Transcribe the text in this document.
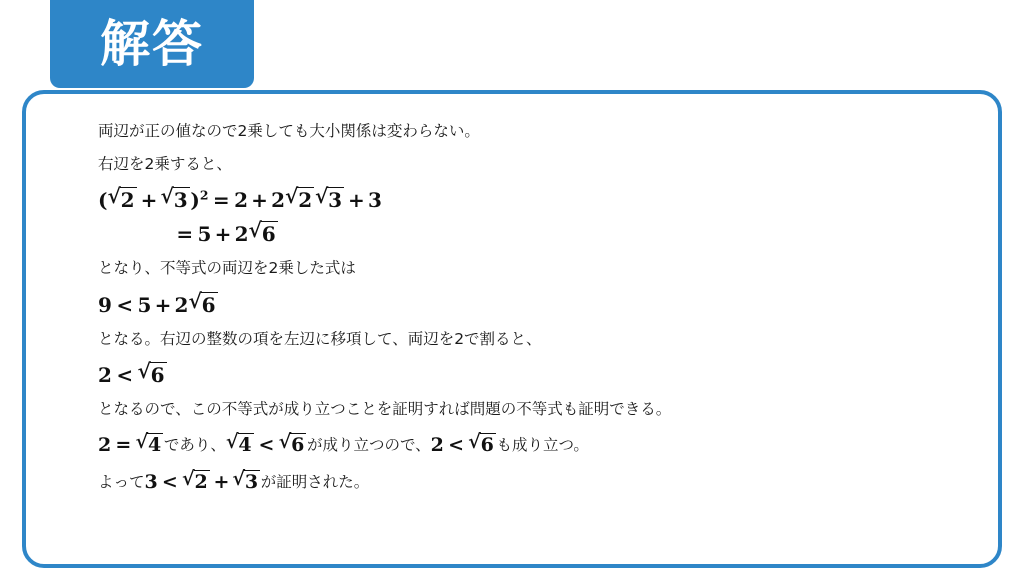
解答

両辺が正の値なので2乗しても大小関係は変わらない。

右辺を2乗すると、

( √ 2 + √ 3 )$^2$ = 2 + 2 √ 2 √ 3 + 3
= 5 + 2 √ 6

となり、不等式の両辺を2乗した式は

9 < 5 + 2 √ 6

となる。右辺の整数の項を左辺に移項して、両辺を2で割ると、

2 < √ 6

となるので、この不等式が成り立つことを証明すれば問題の不等式も証明できる。

2 = √ 4 であり、 √ 4 < √ 6 が成り立つので、2 < √ 6 も成り立つ。

よって3 < √ 2 + √ 3 が証明された。
